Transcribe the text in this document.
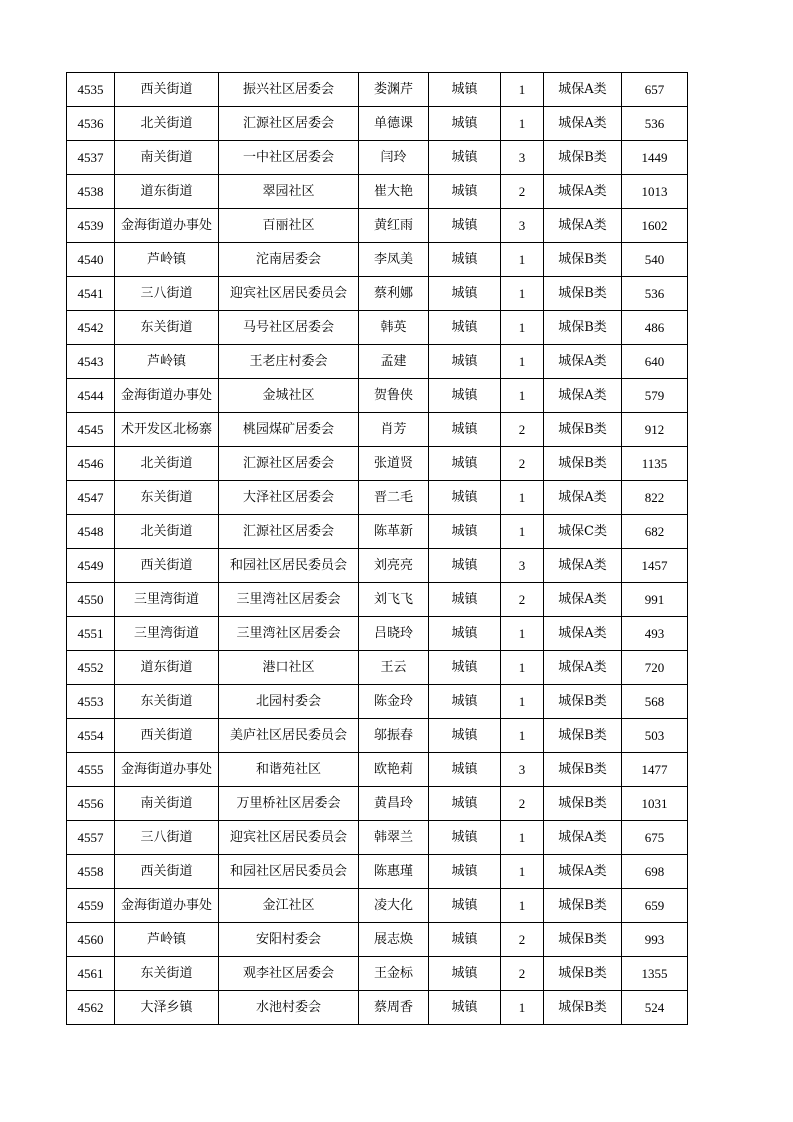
4535	西关街道	振兴社区居委会	娄渊芹	城镇	1	城保A类	657
4536	北关街道	汇源社区居委会	单德课	城镇	1	城保A类	536
4537	南关街道	一中社区居委会	闫玲	城镇	3	城保B类	1449
4538	道东街道	翠园社区	崔大艳	城镇	2	城保A类	1013
4539	金海街道办事处	百丽社区	黄红雨	城镇	3	城保A类	1602
4540	芦岭镇	沱南居委会	李凤美	城镇	1	城保B类	540
4541	三八街道	迎宾社区居民委员会	蔡利娜	城镇	1	城保B类	536
4542	东关街道	马号社区居委会	韩英	城镇	1	城保B类	486
4543	芦岭镇	王老庄村委会	孟建	城镇	1	城保A类	640
4544	金海街道办事处	金城社区	贺鲁侠	城镇	1	城保A类	579
4545	术开发区北杨寨	桃园煤矿居委会	肖芳	城镇	2	城保B类	912
4546	北关街道	汇源社区居委会	张道贤	城镇	2	城保B类	1135
4547	东关街道	大泽社区居委会	晋二毛	城镇	1	城保A类	822
4548	北关街道	汇源社区居委会	陈革新	城镇	1	城保C类	682
4549	西关街道	和园社区居民委员会	刘亮亮	城镇	3	城保A类	1457
4550	三里湾街道	三里湾社区居委会	刘飞飞	城镇	2	城保A类	991
4551	三里湾街道	三里湾社区居委会	吕晓玲	城镇	1	城保A类	493
4552	道东街道	港口社区	王云	城镇	1	城保A类	720
4553	东关街道	北园村委会	陈金玲	城镇	1	城保B类	568
4554	西关街道	美庐社区居民委员会	邬振春	城镇	1	城保B类	503
4555	金海街道办事处	和谐苑社区	欧艳莉	城镇	3	城保B类	1477
4556	南关街道	万里桥社区居委会	黄昌玲	城镇	2	城保B类	1031
4557	三八街道	迎宾社区居民委员会	韩翠兰	城镇	1	城保A类	675
4558	西关街道	和园社区居民委员会	陈惠瑾	城镇	1	城保A类	698
4559	金海街道办事处	金江社区	凌大化	城镇	1	城保B类	659
4560	芦岭镇	安阳村委会	展志焕	城镇	2	城保B类	993
4561	东关街道	观李社区居委会	王金标	城镇	2	城保B类	1355
4562	大泽乡镇	水池村委会	蔡周香	城镇	1	城保B类	524
